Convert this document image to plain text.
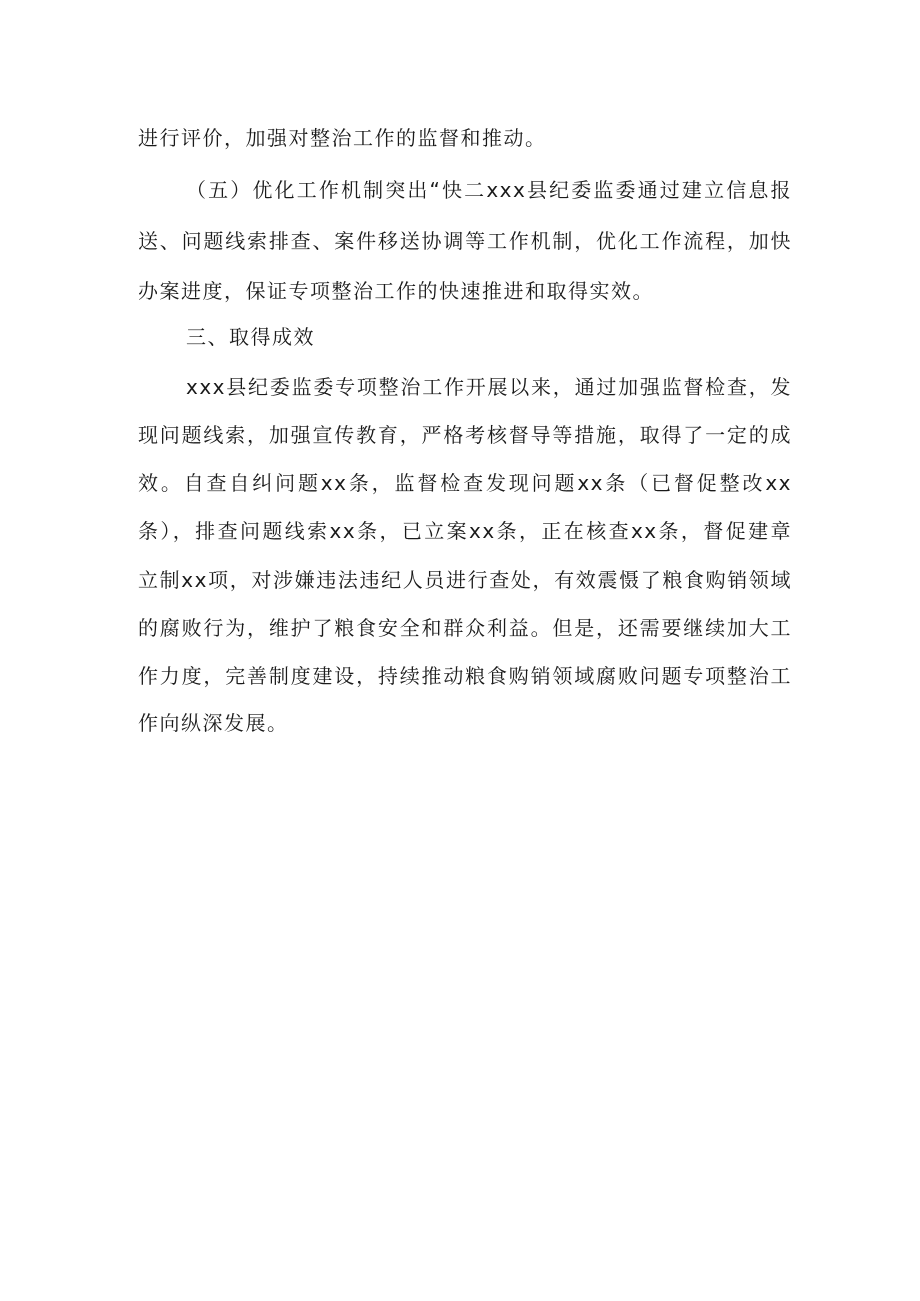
进行评价，加强对整治工作的监督和推动。
（五）优化工作机制突出“快二xxx县纪委监委通过建立信息报
送、问题线索排查、案件移送协调等工作机制，优化工作流程，加快
办案进度，保证专项整治工作的快速推进和取得实效。
三、取得成效
xxx县纪委监委专项整治工作开展以来，通过加强监督检查，发
现问题线索，加强宣传教育，严格考核督导等措施，取得了一定的成
效。自查自纠问题xx条，监督检查发现问题xx条（已督促整改xx
条），排查问题线索xx条，已立案xx条，正在核查xx条，督促建章
立制xx项，对涉嫌违法违纪人员进行查处，有效震慑了粮食购销领域
的腐败行为，维护了粮食安全和群众利益。但是，还需要继续加大工
作力度，完善制度建设，持续推动粮食购销领域腐败问题专项整治工
作向纵深发展。
